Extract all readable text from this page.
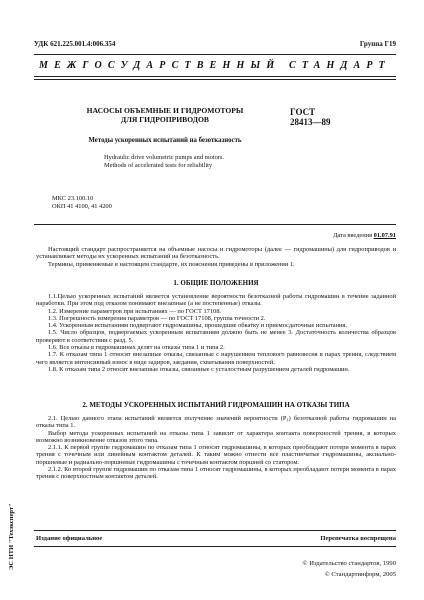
УДК 621.225.001.4:006.354	Группа Г19
МЕЖГОСУДАРСТВЕННЫЙ СТАНДАРТ
НАСОСЫ ОБЪЕМНЫЕ И ГИДРОМОТОРЫ
ДЛЯ ГИДРОПРИВОДОВ
Методы ускоренных испытаний на безотказность
Hydraulic drive volumetric pumps and motors.
Methods of accelerated tests for reliability
ГОСТ
28413—89
МКС 23.100.10
ОКП 41 4100, 41 4200
Дата введения 01.07.91

Настоящий стандарт распространяется на объемные насосы и гидромоторы (далее — гидромашины) для гидроприводов и устанавливает методы их ускоренных испытаний на безотказность.

Термины, применяемые в настоящем стандарте, их пояснения приведены в приложении 1.

1. ОБЩИЕ ПОЛОЖЕНИЯ

1.1.Целью ускоренных испытаний является установление вероятности безотказной работы гидромашин в течение заданной наработки. При этом под отказом понимают внезапные (а не постепенные) отказы.

1.2. Измерение параметров при испытаниях — по ГОСТ 17108.

1.3. Погрешность измерения параметров — по ГОСТ 17108, группа точности 2.

1.4. Ускоренным испытаниям подвергают гидромашины, прошедшие обкатку и приемосдаточные испытания.

1.5. Число образцов, подвергаемых ускоренным испытаниям должно быть не менее 3. Достаточность количества образцов проверяют в соответствии с разд. 5.

1.6. Все отказы в гидромашинах делят на отказы типа 1 и типа 2.

1.7. К отказам типа 1 относят внезапные отказы, связанные с нарушением теплового равновесия в парах трения, следствием чего является интенсивный износ в виде задиров, заедания, схватывания поверхностей.

1.8. К отказам типа 2 относят внезапные отказы, связанные с усталостным разрушением деталей гидромашин.

2. МЕТОДЫ УСКОРЕННЫХ ИСПЫТАНИЙ ГИДРОМАШИН НА ОТКАЗЫ ТИПА

2.1. Целью данного этапа испытаний является получение значений вероятности (P₁) безотказной работы гидромашин на отказы типа 1.

Выбор метода ускоренных испытаний на отказы типа 1 зависит от характера контакта поверхностей трения, в которых возможно возникновение отказов этого типа.

2.1.1. К первой группе гидромашин по отказам типа 1 относят гидромашины, в которых преобладают потери момента в парах трения с точечным или линейным контактом деталей. К таким можно отнести все пластинчатые гидромашины, аксиально-поршневые и радиально-поршневые гидромашины с точечным контактом поршней со статором.

2.1.2. Ко второй группе гидромашин по отказам типа 1 относят гидромашины, в которых преобладают потери момента в парах трения с поверхностным контактом деталей.

ЭС НТИ "Техэксперт"	Издание официальное	Перепечатка воспрещена
© Издательство стандартов, 1990
© Стандартинформ, 2005
